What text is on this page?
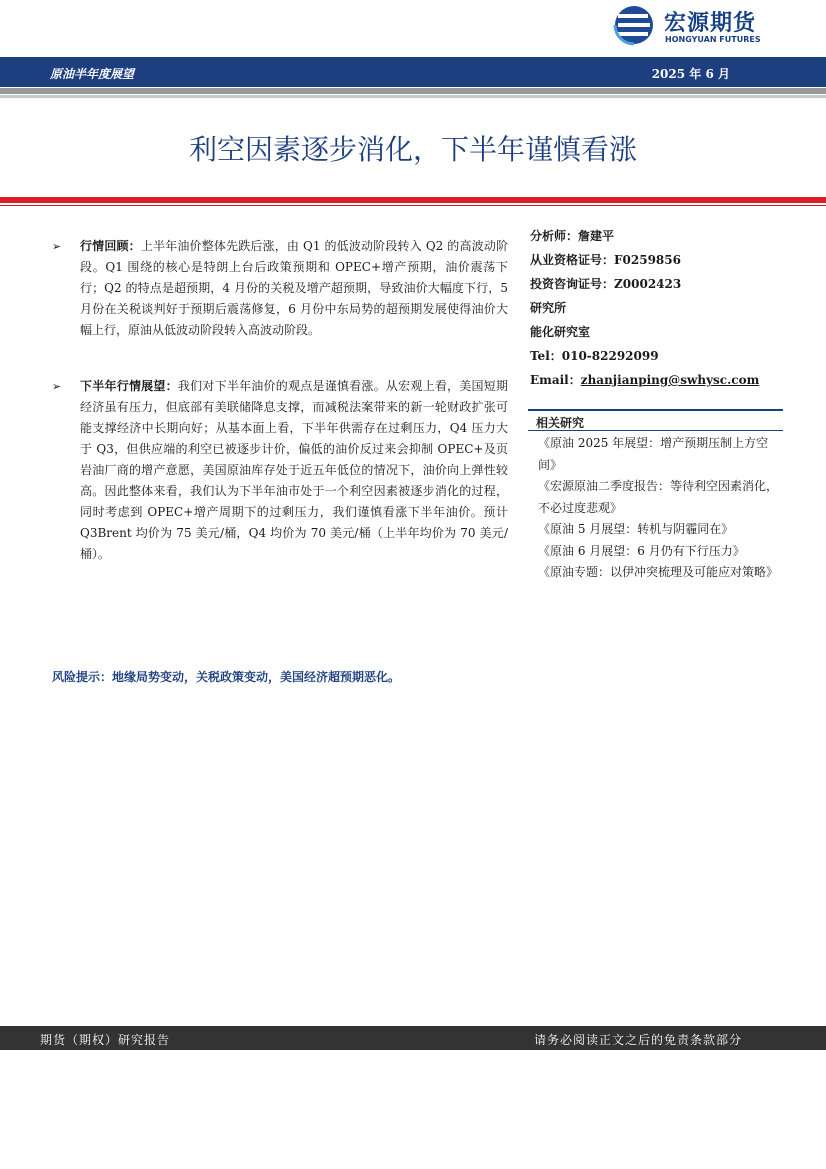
宏源期货
HONGYUAN FUTURES
原油半年度展望	2025 年 6 月
利空因素逐步消化，下半年谨慎看涨
➢ 行情回顾：上半年油价整体先跌后涨，由 Q1 的低波动阶段转入 Q2 的高波动阶段。Q1 围绕的核心是特朗上台后政策预期和 OPEC+增产预期，油价震荡下行；Q2 的特点是超预期，4 月份的关税及增产超预期，导致油价大幅度下行，5 月份在关税谈判好于预期后震荡修复，6 月份中东局势的超预期发展使得油价大幅上行，原油从低波动阶段转入高波动阶段。
➢ 下半年行情展望：我们对下半年油价的观点是谨慎看涨。从宏观上看，美国短期经济虽有压力，但底部有美联储降息支撑，而减税法案带来的新一轮财政扩张可能支撑经济中长期向好；从基本面上看，下半年供需存在过剩压力，Q4 压力大于 Q3，但供应端的利空已被逐步计价，偏低的油价反过来会抑制 OPEC+及页岩油厂商的增产意愿，美国原油库存处于近五年低位的情况下，油价向上弹性较高。因此整体来看，我们认为下半年油市处于一个利空因素被逐步消化的过程，同时考虑到 OPEC+增产周期下的过剩压力，我们谨慎看涨下半年油价。预计 Q3Brent 均价为 75 美元/桶，Q4 均价为 70 美元/桶（上半年均价为 70 美元/桶）。
分析师：詹建平
从业资格证号：F0259856
投资咨询证号：Z0002423
研究所
能化研究室
Tel：010-82292099
Email：zhanjianping@swhysc.com
相关研究
《原油 2025 年展望：增产预期压制上方空间》
《宏源原油二季度报告：等待利空因素消化，不必过度悲观》
《原油 5 月展望：转机与阴霾同在》
《原油 6 月展望：6 月仍有下行压力》
《原油专题：以伊冲突梳理及可能应对策略》
风险提示：地缘局势变动，关税政策变动，美国经济超预期恶化。
期货（期权）研究报告	请务必阅读正文之后的免责条款部分
